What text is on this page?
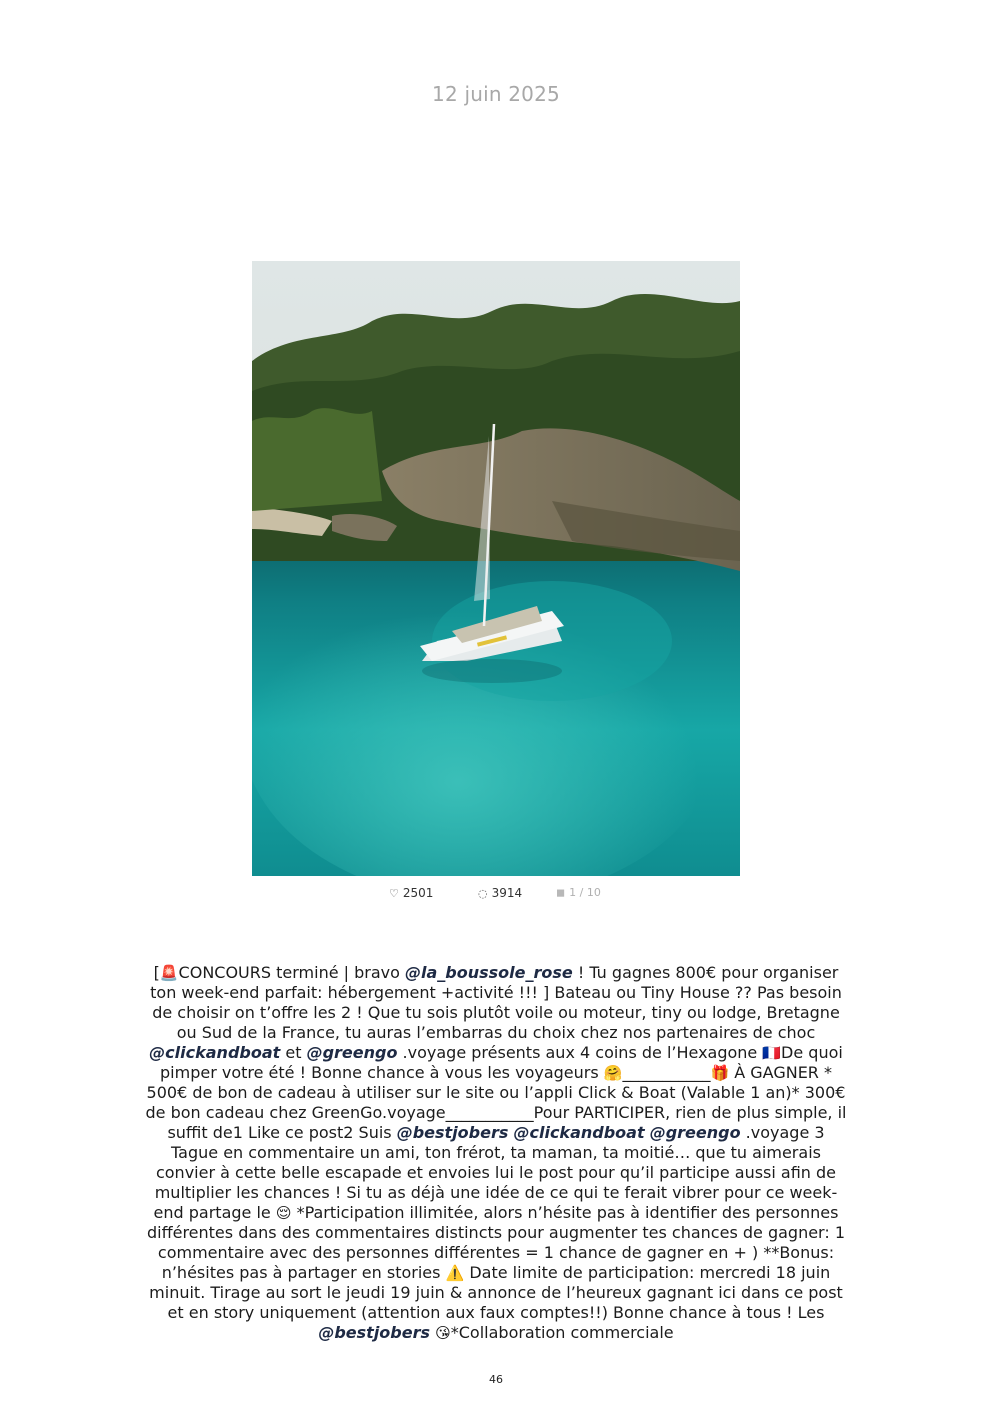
12 juin 2025
♡ 2501	◌ 3914	◼ 1 / 10
[🚨CONCOURS terminé | bravo @la_boussole_rose ! Tu gagnes 800€ pour organiser ton week-end parfait: hébergement +activité !!! ] Bateau ou Tiny House ?? Pas besoin de choisir on t’offre les 2 ! Que tu sois plutôt voile ou moteur, tiny ou lodge, Bretagne ou Sud de la France, tu auras l’embarras du choix chez nos partenaires de choc @clickandboat et @greengo .voyage présents aux 4 coins de l’Hexagone 🇫🇷De quoi pimper votre été ! Bonne chance à vous les voyageurs 🤗___________🎁 À GAGNER * 500€ de bon de cadeau à utiliser sur le site ou l’appli Click & Boat (Valable 1 an)* 300€ de bon cadeau chez GreenGo.voyage___________Pour PARTICIPER, rien de plus simple, il suffit de1 Like ce post2 Suis @bestjobers @clickandboat @greengo .voyage 3 Tague en commentaire un ami, ton frérot, ta maman, ta moitié… que tu aimerais convier à cette belle escapade et envoies lui le post pour qu’il participe aussi afin de multiplier les chances ! Si tu as déjà une idée de ce qui te ferait vibrer pour ce week-end partage le 😌 *Participation illimitée, alors n’hésite pas à identifier des personnes différentes dans des commentaires distincts pour augmenter tes chances de gagner: 1 commentaire avec des personnes différentes = 1 chance de gagner en + ) **Bonus: n’hésites pas à partager en stories ⚠️ Date limite de participation: mercredi 18 juin minuit. Tirage au sort le jeudi 19 juin & annonce de l’heureux gagnant ici dans ce post et en story uniquement (attention aux faux comptes!!) Bonne chance à tous ! Les @bestjobers 😘*Collaboration commerciale
46
